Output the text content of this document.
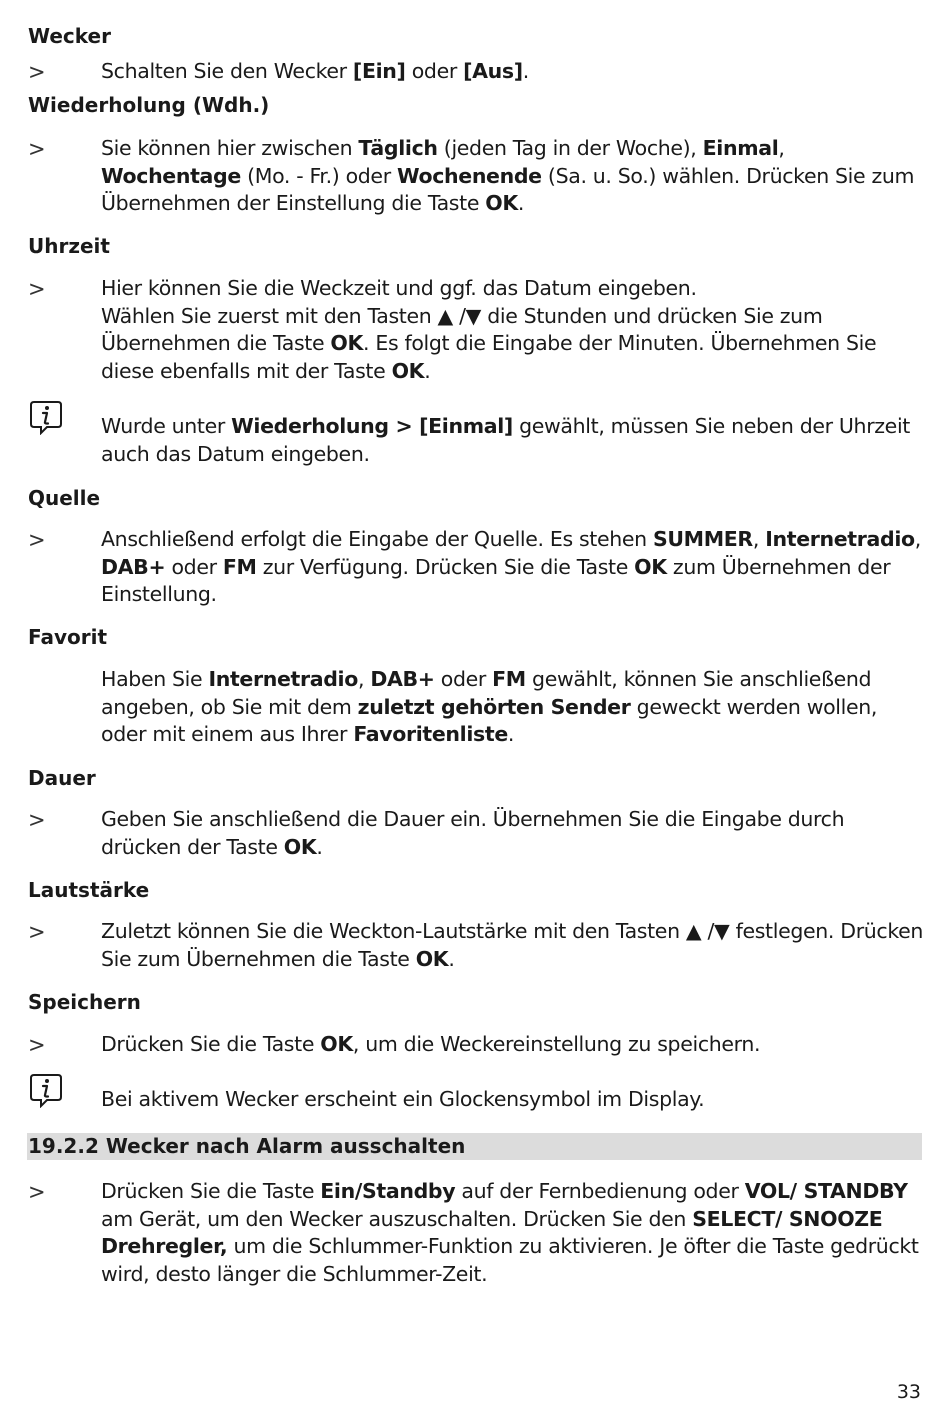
Wecker
>	Schalten Sie den Wecker [Ein] oder [Aus].
Wiederholung (Wdh.)
>	Sie können hier zwischen Täglich (jeden Tag in der Woche), Einmal, Wochentage (Mo. - Fr.) oder Wochenende (Sa. u. So.) wählen. Drücken Sie zum Übernehmen der Einstellung die Taste OK.
Uhrzeit
>	Hier können Sie die Weckzeit und ggf. das Datum eingeben.
Wählen Sie zuerst mit den Tasten ▲ /▼ die Stunden und drücken Sie zum Übernehmen die Taste OK. Es folgt die Eingabe der Minuten. Übernehmen Sie diese ebenfalls mit der Taste OK.
Wurde unter Wiederholung > [Einmal] gewählt, müssen Sie neben der Uhrzeit auch das Datum eingeben.
Quelle
>	Anschließend erfolgt die Eingabe der Quelle. Es stehen SUMMER, Internetradio, DAB+ oder FM zur Verfügung. Drücken Sie die Taste OK zum Übernehmen der Einstellung.
Favorit
Haben Sie Internetradio, DAB+ oder FM gewählt, können Sie anschließend angeben, ob Sie mit dem zuletzt gehörten Sender geweckt werden wollen, oder mit einem aus Ihrer Favoritenliste.
Dauer
>	Geben Sie anschließend die Dauer ein. Übernehmen Sie die Eingabe durch drücken der Taste OK.
Lautstärke
>	Zuletzt können Sie die Weckton-Lautstärke mit den Tasten ▲ /▼ festlegen. Drücken Sie zum Übernehmen die Taste OK.
Speichern
>	Drücken Sie die Taste OK, um die Weckereinstellung zu speichern.
Bei aktivem Wecker erscheint ein Glockensymbol im Display.
19.2.2 Wecker nach Alarm ausschalten
>	Drücken Sie die Taste Ein/Standby auf der Fernbedienung oder VOL/ STANDBY am Gerät, um den Wecker auszuschalten. Drücken Sie den SELECT/ SNOOZE Drehregler, um die Schlummer-Funktion zu aktivieren. Je öfter die Taste gedrückt wird, desto länger die Schlummer-Zeit.
33
